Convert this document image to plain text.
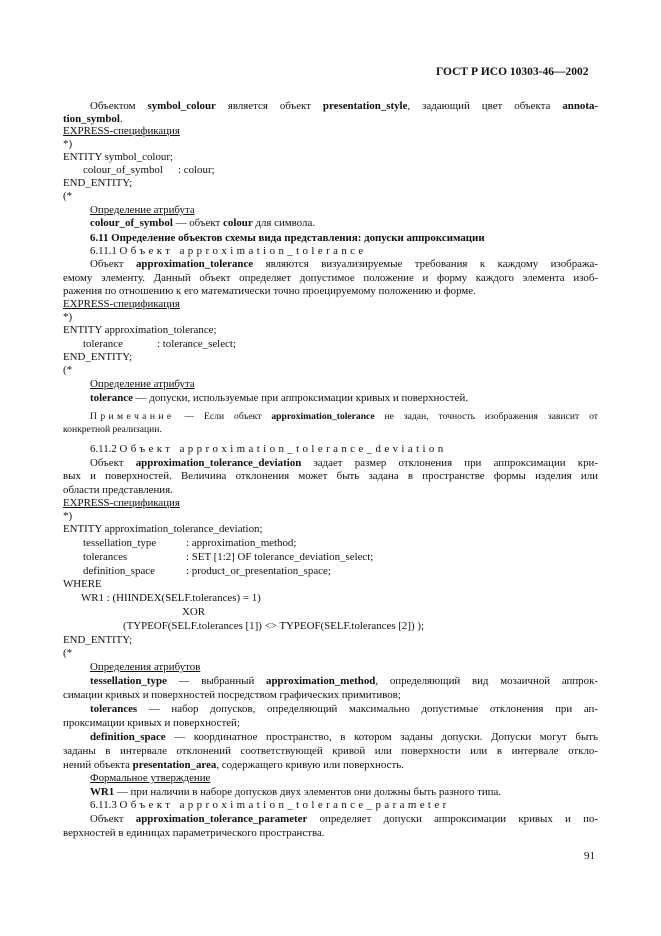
ГОСТ Р ИСО 10303-46—2002
Объектом symbol_colour является объект presentation_style, задающий цвет объекта annota-
tion_symbol.
EXPRESS-спецификация
*)
ENTITY symbol_colour;
colour_of_symbol : colour;
END_ENTITY;
(*
Определение атрибута
colour_of_symbol — объект colour для символа.
6.11 Определение объектов схемы вида представления: допуски аппроксимации
6.11.1 Объект approximation_tolerance
Объект approximation_tolerance являются визуализируемые требования к каждому изобража-
емому элементу. Данный объект определяет допустимое положение и форму каждого элемента изоб-
ражения по отношению к его математически точно проецируемому положению и форме.
EXPRESS-спецификация
*)
ENTITY approximation_tolerance;
tolerance	: tolerance_select;
END_ENTITY;
(*
Определение атрибута
tolerance — допуски, используемые при аппроксимации кривых и поверхностей.
Примечание — Если объект approximation_tolerance не задан, точность изображения зависит от
конкретной реализации.
6.11.2 Объект approximation_tolerance_deviation
Объект approximation_tolerance_deviation задает размер отклонения при аппроксимации кри-
вых и поверхностей. Величина отклонения может быть задана в пространстве формы изделия или
области представления.
EXPRESS-спецификация
*)
ENTITY approximation_tolerance_deviation;
tessellation_type	: approximation_method;
tolerances	: SET [1:2] OF tolerance_deviation_select;
definition_space	: product_or_presentation_space;
WHERE
WR1 : (HIINDEX(SELF.tolerances) = 1)
XOR
(TYPEOF(SELF.tolerances [1]) <> TYPEOF(SELF.tolerances [2]) );
END_ENTITY;
(*
Определения атрибутов
tessellation_type — выбранный approximation_method, определяющий вид мозаичной аппрок-
симации кривых и поверхностей посредством графических примитивов;
tolerances — набор допусков, определяющий максимально допустимые отклонения при ап-
проксимации кривых и поверхностей;
definition_space — координатное пространство, в котором заданы допуски. Допуски могут быть
заданы в интервале отклонений соответствующей кривой или поверхности или в интервале откло-
нений объекта presentation_area, содержащего кривую или поверхность.
Формальное утверждение
WR1 — при наличии в наборе допусков двух элементов они должны быть разного типа.
6.11.3 Объект approximation_tolerance_parameter
Объект approximation_tolerance_parameter определяет допуски аппроксимации кривых и по-
верхностей в единицах параметрического пространства.
91
